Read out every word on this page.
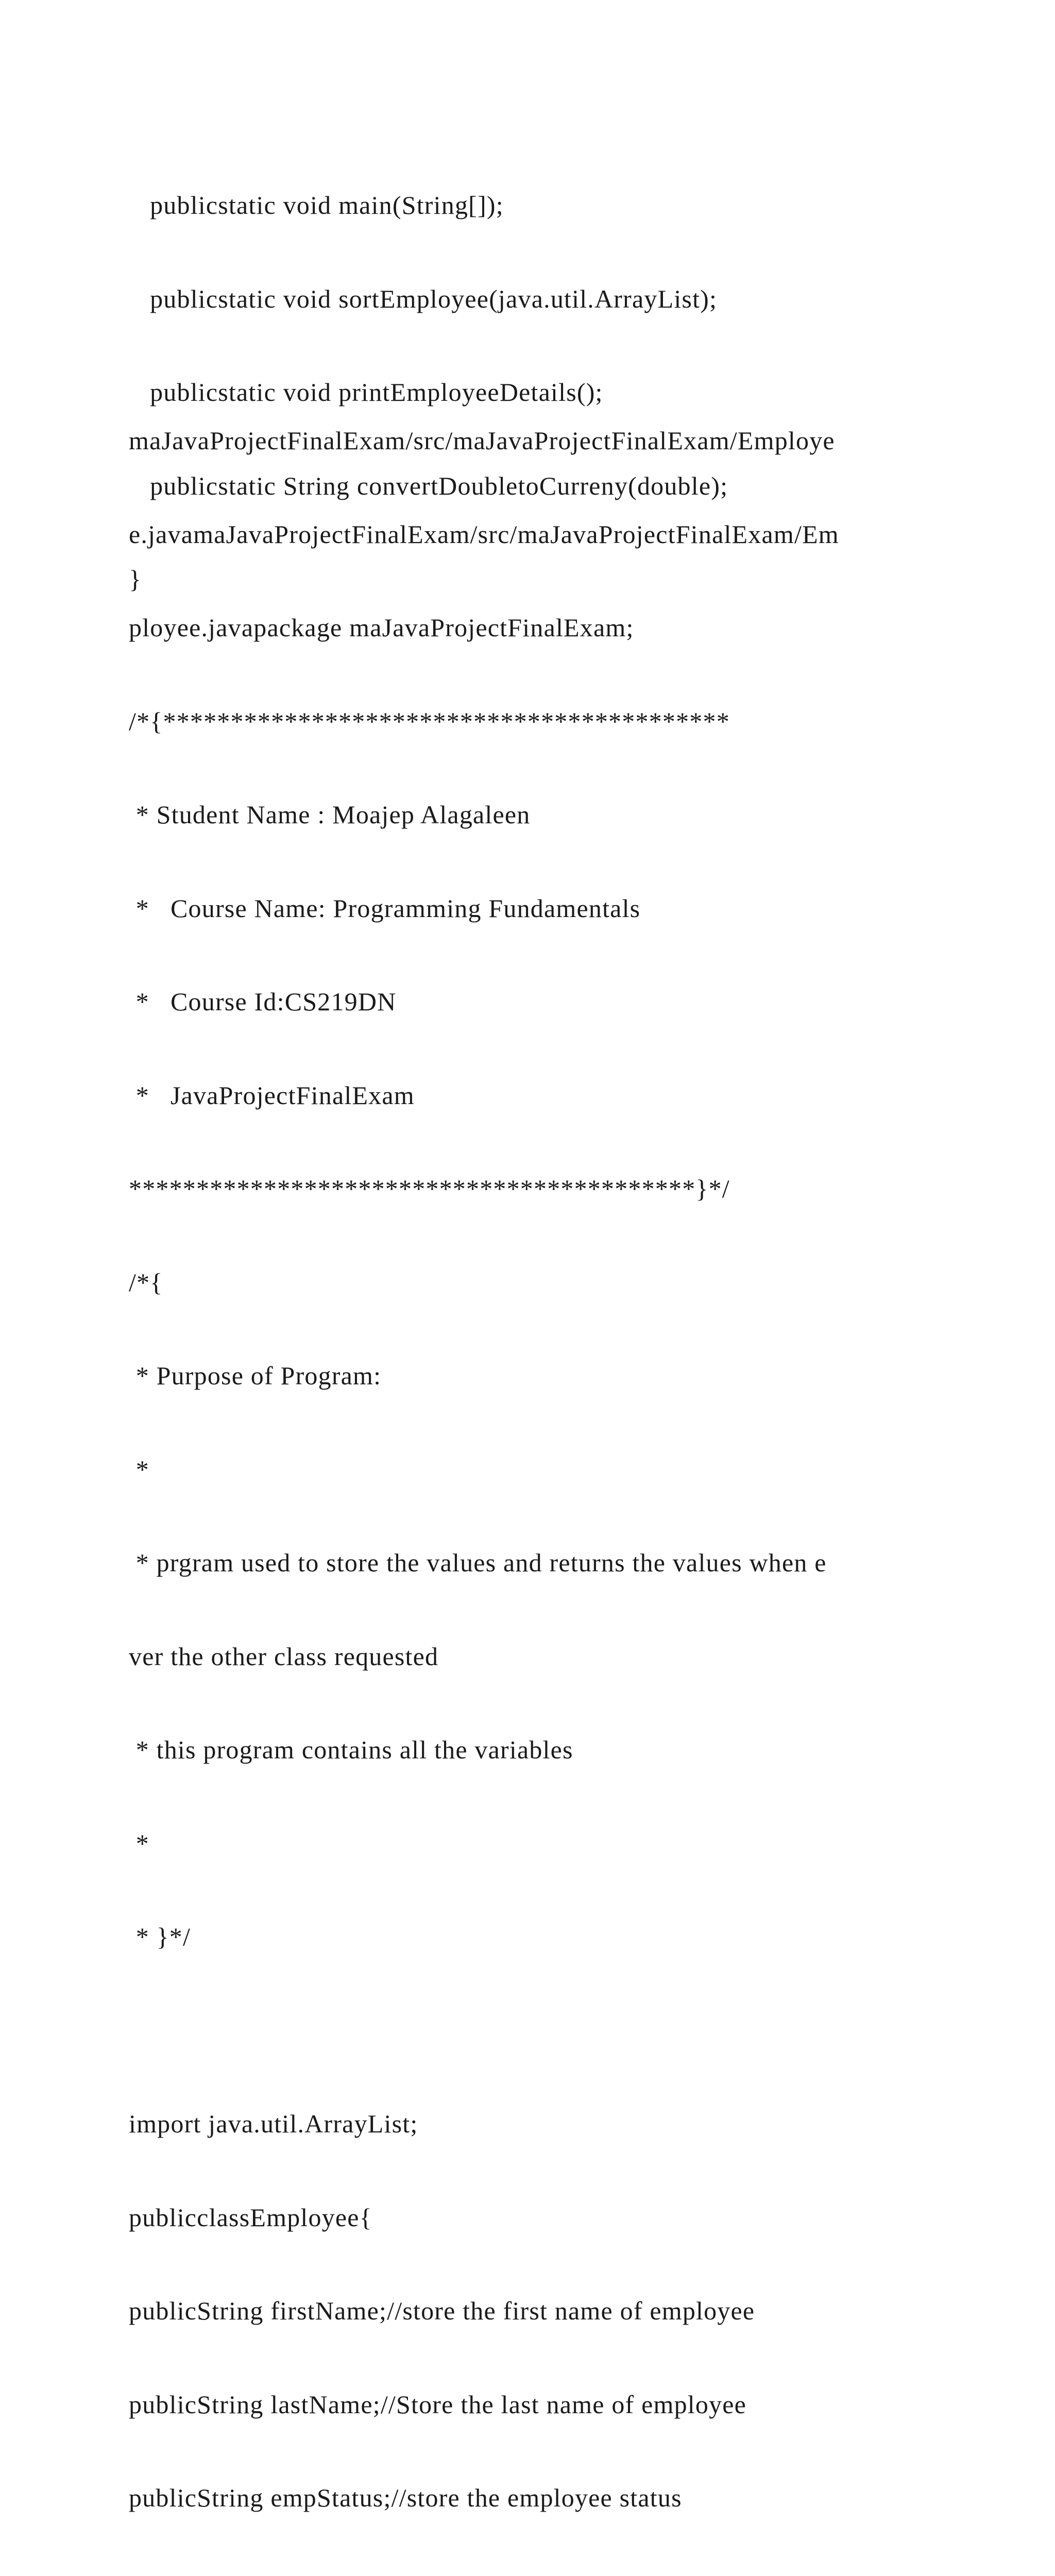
publicstatic void main(String[]);

publicstatic void sortEmployee(java.util.ArrayList);

publicstatic void printEmployeeDetails();

publicstatic String convertDoubletoCurreny(double);

}

maJavaProjectFinalExam/src/maJavaProjectFinalExam/Employe

e.javamaJavaProjectFinalExam/src/maJavaProjectFinalExam/Em

ployee.javapackage maJavaProjectFinalExam;

/*{******************************************

* Student Name : Moajep Alagaleen

*   Course Name: Programming Fundamentals

*   Course Id:CS219DN

*   JavaProjectFinalExam

******************************************}*/

/*{

* Purpose of Program:

*

* prgram used to store the values and returns the values when e

ver the other class requested

* this program contains all the variables

*

* }*/

import java.util.ArrayList;

publicclassEmployee{

publicString firstName;//store the first name of employee

publicString lastName;//Store the last name of employee

publicString empStatus;//store the employee status
